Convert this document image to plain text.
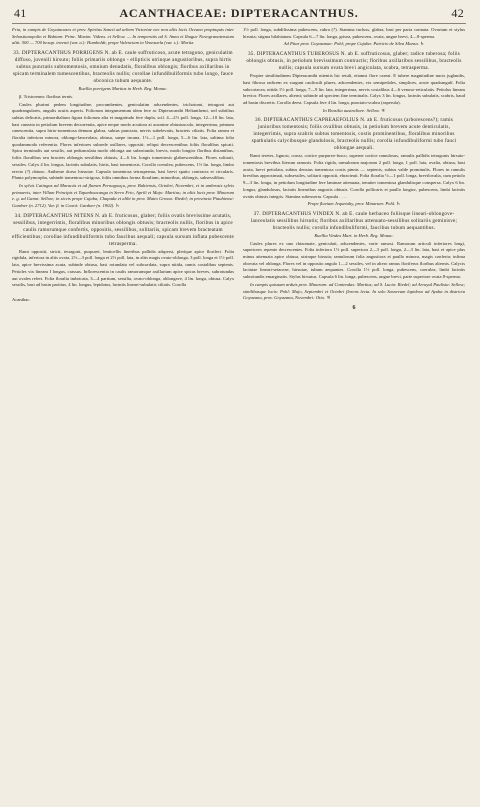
41	ACANTHACEAE: DIPTERACANTHUS.	42

Fria, in campis de Goyatacazes et prov. Spiritus Sancti ad urbem Victoriae nec non aliis locis Oceano propinquis inter Sebastianopolin et Bahiam: Princ. Maxim. Videns. et Sellow. — In temperatis ad S. Anna et Ibague Novogranatensium altit. 500 — 700 hexap. invenit (var. a.): Humboldt; prope Valenciam in Venezuela (var. s.): Moritz.

33. DIPTERACANTHUS PORRIGENS N. ab E. caule suffruticoso, acute tetragono, geniculatim diffuso, juvenili hirsuto; foliis primariis oblongo - ellipticis utrinque angustioribus, supra hirtis subtus punctatis subtomentosis, omnium denudatis, floralibus oblongis; floribus axillaribus in spicam terminalem tumescentibus, bracteolis nullis; corollae infundibuliformis tubo longo, fauce obconica tubum aequante.

Ruellia porrigens Martius in Herb. Reg. Monac.

β. Tristoreum: floribus ternis.

Caules plurimi pedem longitudine, procumbentes, geniculatim adscendentes, trichotomi, tetragoni aut quadrangulares, angulis acutis asperis. Foliorum integumentum idem fere ac Dipteracanthi Helianthemi, sed subtilius subtus delicatis, primordialium figura foliorum alia et magnitudo fere dupla, scil. 4—2½ poll. longa, 12—10 lin. lata, basi cuneata in petiolum brevem decurrentia, apice neque modo acutiora at acumine obtusiusculo, integerrima, primum canescentia, supra hirto-tomentosa demum glabra, subtus punctata, nervis subelevatis, bracteis ciliatis. Folia ramea et floralia inferiora minora, oblongo-lanceolata, obtusa, saepe incana, 1½—1 poll. longa, 5—6 lin. lata, saltima folia quodammodo referentia. Flores inferiores subsede axillares, oppositi; reliqui decrescentibus foliis floralibus spicati. Spica terminalis aut sessilis, aut pedunculata modo oblonga aut subrotunda, brevis, modo longior floribus distantibus, foliis floralibus seu bracteis oblongis sessilibus obtusis, 4—6 lin. longis tomentosis glabrescentibus. Flores solitarii, sessiles. Calyx 4 lin. longus, laciniis subulatis, hirtis, basi tomentosis. Corolla coerulea, pubescens, 1½ lin. longa, limbo erecto (?) obtuso. Antherae dorso hirsutae. Capsula tomentosa tetrasperma, basi brevi spatio contracta et circularis. Planta polymorpha, subinde tomentoso-strigosa, foliis omnibus forma floralium, minoribus, oblongis, subsessilibus.

In sylvis Catingas ad Maracás et ad flumen Pernagoaçu, prov. Bahiensis, Octobri, Novembri, et in umbrosis sylvis primaevis, inter Villam Principis et Tapanhoacanga in Serro Frio, Aprili et Majo: Martius; in aliis locis prov. Minarum e. g. ad Gama: Sellow; in siccis prope Cujaba, Chapada et alibi in prov. Matto Grosso: Riedel; in provincia Piauhiensi: Gardner (n. 2712). Var. β. in Ceará: Gardner (n. 1902). ♄

34. DIPTERACANTHUS NITENS N. ab E. fruticosus, glaber; foliis ovatis brevissime acutatis, sessilibus, integerrimis, floralibus minoribus oblongis obtusis; bracteolis nullis, floribus in apice caulis ramorumque confertis, oppositis, sessilibus, solitariis, spicam brevem bracteatam efficientibus; corollae infundibuliformis tubo faucibus aequali; capsula sursum inflata pubescente tetrasperma.

Rami oppositi, stricti, tetragoni, purpurei, lenticellis lineribus pallidis adspersi, pleríque apice floriferi. Folia rigidula, inferiora in aliis ovata, 2½—3 poll. longa et 2½ poll. lata, in aliis magis ovato-oblonga, 3 poll. longa et 1½ poll. lata, apice brevissima acuta, subinde obtusa, basi rotundata vel subcordata, supra nitida, ramis costalibus septenis. Petioles vix lineam I longus, crassus. Inflorescentia in caulis ramorumque axillarium apice spicas breves, subrotundas aut ovales refert. Folia floralia imbricata, 3—4 partium, sessilia, ovato-oblonga, oblongave, 4 lin. longa, obtusa. Calyx sessilis, basi ad basin partitus, 4 lin. longus, lepidotus, laciniis lineari-subulatis ciliatis. Corolla

Acanthac.

1½ poll. longa, subdilissima pubescens, rubra (?). Stamina incluss, glabra, basi per paria connata. Ovarium et stylus hirsuta; stigma bilabiatum. Capsula 6—7 lin. longa, grisea, pubescens, ovata, ungue brevi, 4—8-sperma.

Ad Pitar prov. Goyazanae: Pohl; prope Cujaba: Patricio de Silva Manso. ♄

35. DIPTERACANTHUS TUBEROSUS N. ab E. suffruticosus, glaber; radice tuberosa; foliis oblongis obtusis, in petiolum brevissimum contractis; floribus axillaribus sessilibus, bracteolis nullis; capsula sursum ovata brevi angiculata, scabra, tetrasperma.

Propter similitudinem Dipteracanthi nitentis hic retuli, etiamsi flore careat. E tubere magnitudine nucis juglandis, basi fibrosa radicem ex surgunt caulicuili plures, adscendentes, vix semipedales, simplices, acute quadrangulí. Folia subcoriacea, nitida 1½ poll. longa, 7—9 lin. lata, integerrima, nervis costalibus 4—6 venoso-reticulatis. Petiolus lineam brevior. Flores axillares, alterni; subinde ad speciem fine terminalis. Calyx 3 lin. longus, laciniis subulatis, scabris, haud ad basin discretis. Corolla deest. Capsula fere 4 lin. longa, punctato-scabra (asperula).

In Brasilia australiore: Sellow. ♃

36. DIPTERACANTHUS CAPREAEFOLIUS N. ab E. fruticosus (arborescens?); ramis junioribus tomentosis; foliis ovalibus obtusis, in petiolum brevem acute denticulatis, integerrimis, supra scabris subtus tomentosis, costis prominentibus, floralibus minoribus spathulatis calycibusque glandulosis, bracteolis nullis; corolla infundibuliformi tubo fauci oblongae aequali.

Rami teretes, lignosi, crassi, cortice purpureo-fusco, superne cortice ramulosus, ramulis pallidis tetragonis hirsuto-tomentosis brevibus literum ramosis. Folia rigida, ramulorum majorum 2 poll. longa, 1 poll. lata, ovalia, obtusa, basi acuta, brevi petiolata, subtus densius tomentosa costis pinnis — septenis, subtus valde prominulis. Flores in ramulis brevibus approximati, subsessiles, solitarii oppositi, ebracteati. Folia floralia ½—1 poll. longa, brevilovalia, cum petiolo 9—3 lin. longa, in petiolum longitudine fere laminae attenuata, tenuiter tomentosa glandulisque conspersa. Calyx 6 lin. longus, glandulosus, laciniis linearibus angustis obtusis. Corolla pollicaris et paullo longior, pubescens, limbi laciniis ovatis obtusis integris. Stamina subexserta. Capsula . . . .

Prope fluvium Jequetahy, prov. Minarum: Pohl. ♄

37. DIPTERACANTHUS VINDEX N. ab E. caule herbaceo foliisque lineari-oblongove-lanceolatis sessilibus hirsutis; floribus axillaribus attenuato-sessilibus solitariis geminisve; bracteolis nullis; corolla infundibuliformi, faucibus tubum aequantibus.

Ruellia Vindex Mart. in Herb. Reg. Monac.

Caules plures ex uno rhizomate, geniculati, adscendentes, varie ramosi. Ramorum articuli inferiores longi, superiores repente decrescentes. Folia inferiora 1½ poll. superiora 2—3 poll. longa, 2—3 lin. lata, basi et apice plus minus attenuata apice obtusa, utrinque hirsuta; ramulorum folia angustiora et paullo minora, magis conferta; infima obovata vel oblonga. Flores vel in opposito angulo 1—2 sessiles, vel in altero ramus floriferus floribus alternis. Calycis laciniae lineari-setaceae, hirsutae, tubum aequantes. Corolla 1½ poll. longa, pubescens, coerulea, limbi laciniis subrotundis emarginatis. Stylus hirsutus. Capsula 6 lin. longa, pubescens, ungue brevi, parte superiore ovata 8-sperma.

In campis quisnam arduis prov. Minarum: ad Contendas: Martius; ad S. Lucia: Riedel; ad Arrayal Paulista: Sellow; similibusque locis: Pohl: Majo, Septembri et Octobri florens lecta. In solo Saxoreum lapidoso ad Ayuba in districtu Goyazana, prov. Goyazana, Novembri: Otto. ♃

6
